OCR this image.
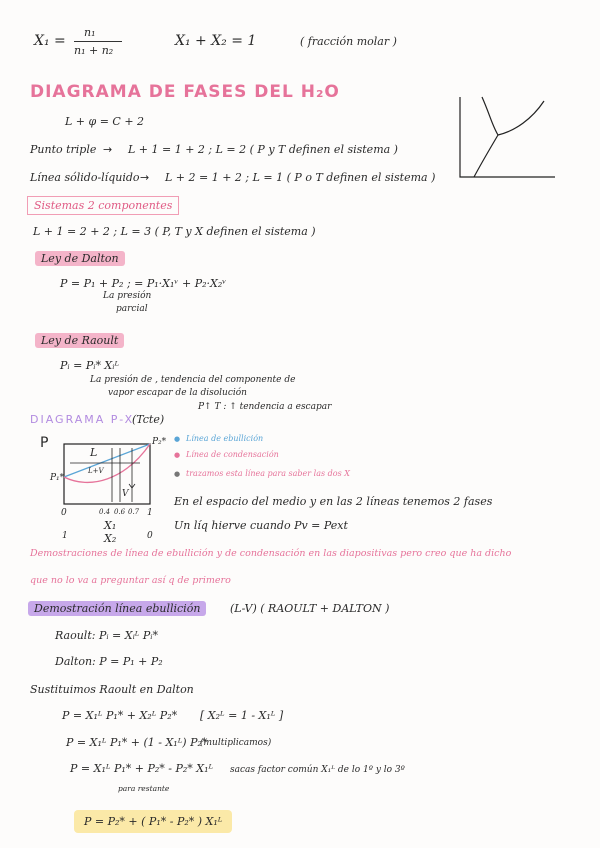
X₁ =
n₁
n₁ + n₂
X₁ + X₂ = 1	( fracción molar )
DIAGRAMA DE FASES DEL H₂O
L + φ = C + 2
Punto triple → L + 1 = 1 + 2 ; L = 2 ( P y T definen el sistema )
Línea sólido-líquido → L + 2 = 1 + 2 ; L = 1 ( P o T definen el sistema )
Sistemas 2 componentes
L + 1 = 2 + 2 ; L = 3 ( P, T y X definen el sistema )
Ley de Dalton
P = P₁ + P₂ ; = P₁·X₁ᵛ + P₂·X₂ᵛ
La presión
parcial
Ley de Raoult
Pᵢ = Pᵢ* Xᵢᴸ
La presión de , tendencia del componente de
vapor escapar de la disolución
P↑ T : ↑ tendencia a escapar
DIAGRAMA P-X
(Tcte)
P
P₁*
P₂*
L
L+V
V
0	0.4 0.6 0.7 1
X₁
1	X₂	0
● Línea de ebullición
● Línea de condensación
● trazamos esta línea para saber las dos X
En el espacio del medio y en las 2 líneas tenemos 2 fases
Un líq hierve cuando Pv = Pext
Demostraciones de línea de ebullición y de condensación en las diapositivas pero creo que ha dicho
que no lo va a preguntar así q de primero
Demostración línea ebullición	(L-V) ( RAOULT + DALTON )
Raoult: Pᵢ = Xᵢᴸ Pᵢ*
Dalton: P = P₁ + P₂
Sustituimos Raoult en Dalton
P = X₁ᴸ P₁* + X₂ᴸ P₂* [ X₂ᴸ = 1 - X₁ᴸ ]
P = X₁ᴸ P₁* + (1 - X₁ᴸ) P₂*
(multiplicamos)
P = X₁ᴸ P₁* + P₂* - P₂* X₁ᴸ sacas factor común X₁ᴸ de lo 1º y lo 3º
para restante
P = P₂* + ( P₁* - P₂* ) X₁ᴸ
